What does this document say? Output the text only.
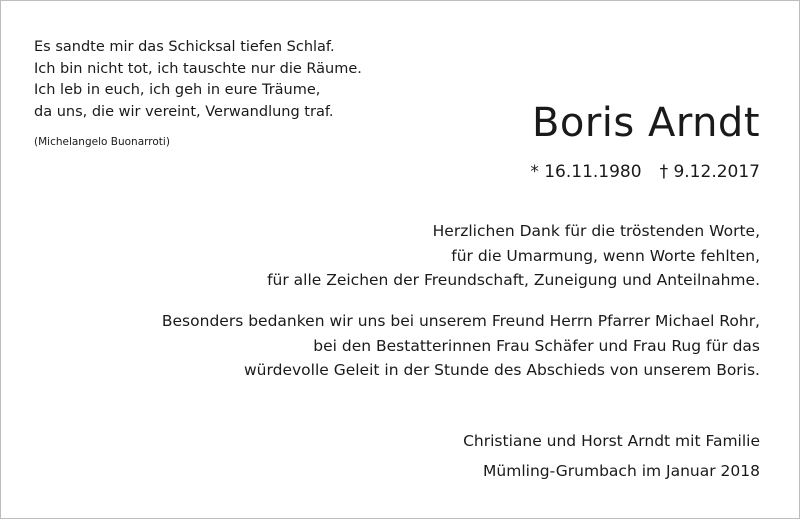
Es sandte mir das Schicksal tiefen Schlaf.
Ich bin nicht tot, ich tauschte nur die Räume.
Ich leb in euch, ich geh in eure Träume,
da uns, die wir vereint, Verwandlung traf.
(Michelangelo Buonarroti)	Boris Arndt
* 16.11.1980 † 9.12.2017
Herzlichen Dank für die tröstenden Worte,
für die Umarmung, wenn Worte fehlten,
für alle Zeichen der Freundschaft, Zuneigung und Anteilnahme.
Besonders bedanken wir uns bei unserem Freund Herrn Pfarrer Michael Rohr,
bei den Bestatterinnen Frau Schäfer und Frau Rug für das
würdevolle Geleit in der Stunde des Abschieds von unserem Boris.
Christiane und Horst Arndt mit Familie
Mümling-Grumbach im Januar 2018
